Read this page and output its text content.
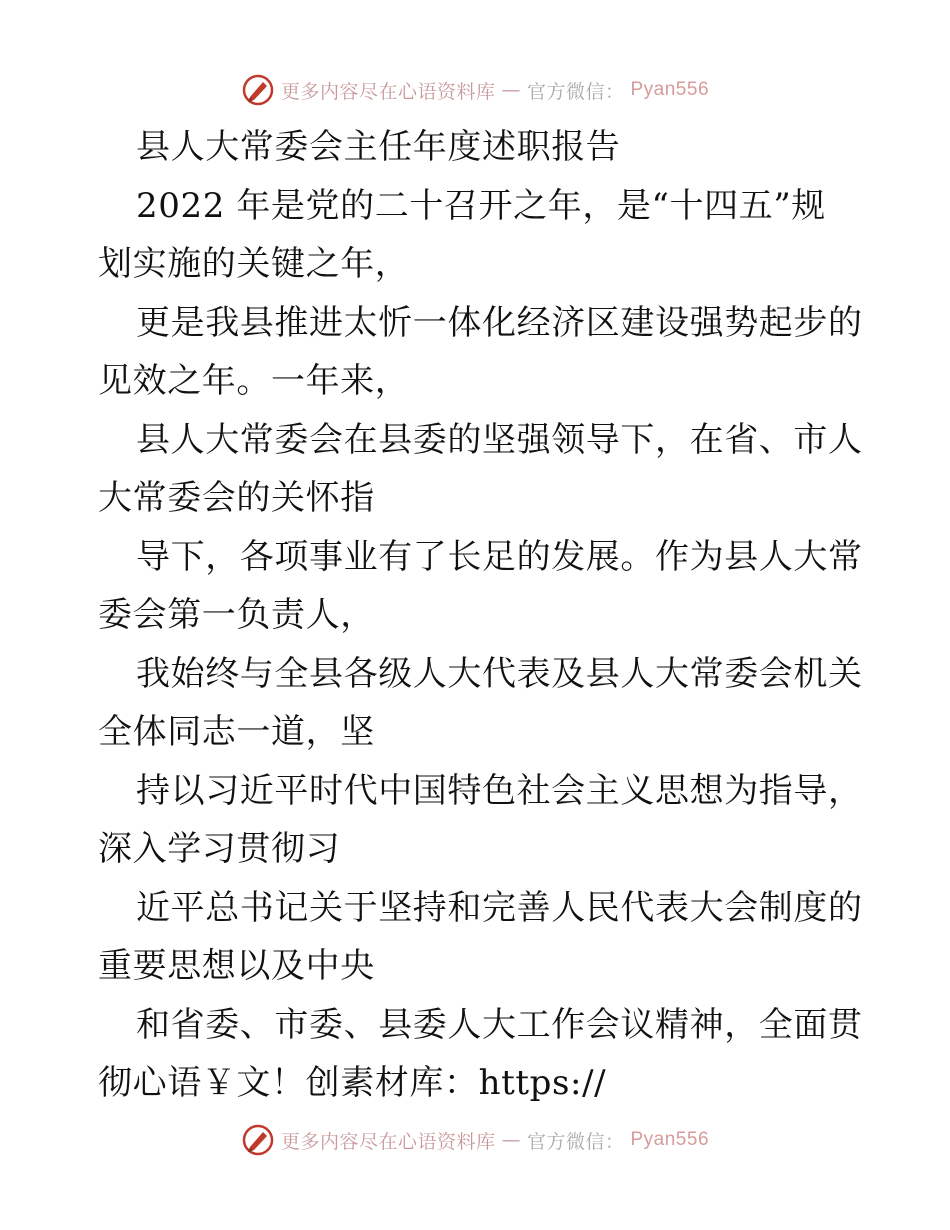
更多内容尽在心语资料库 — 官方微信： Pyan556
县人大常委会主任年度述职报告
2022 年是党的二十召开之年，是“十四五”规
划实施的关键之年，
更是我县推进太忻一体化经济区建设强势起步的
见效之年。一年来，
县人大常委会在县委的坚强领导下，在省、市人
大常委会的关怀指
导下，各项事业有了长足的发展。作为县人大常
委会第一负责人，
我始终与全县各级人大代表及县人大常委会机关
全体同志一道，坚
持以习近平时代中国特色社会主义思想为指导，
深入学习贯彻习
近平总书记关于坚持和完善人民代表大会制度的
重要思想以及中央
和省委、市委、县委人大工作会议精神，全面贯
彻心语￥文！创素材库：https://
更多内容尽在心语资料库 — 官方微信： Pyan556
